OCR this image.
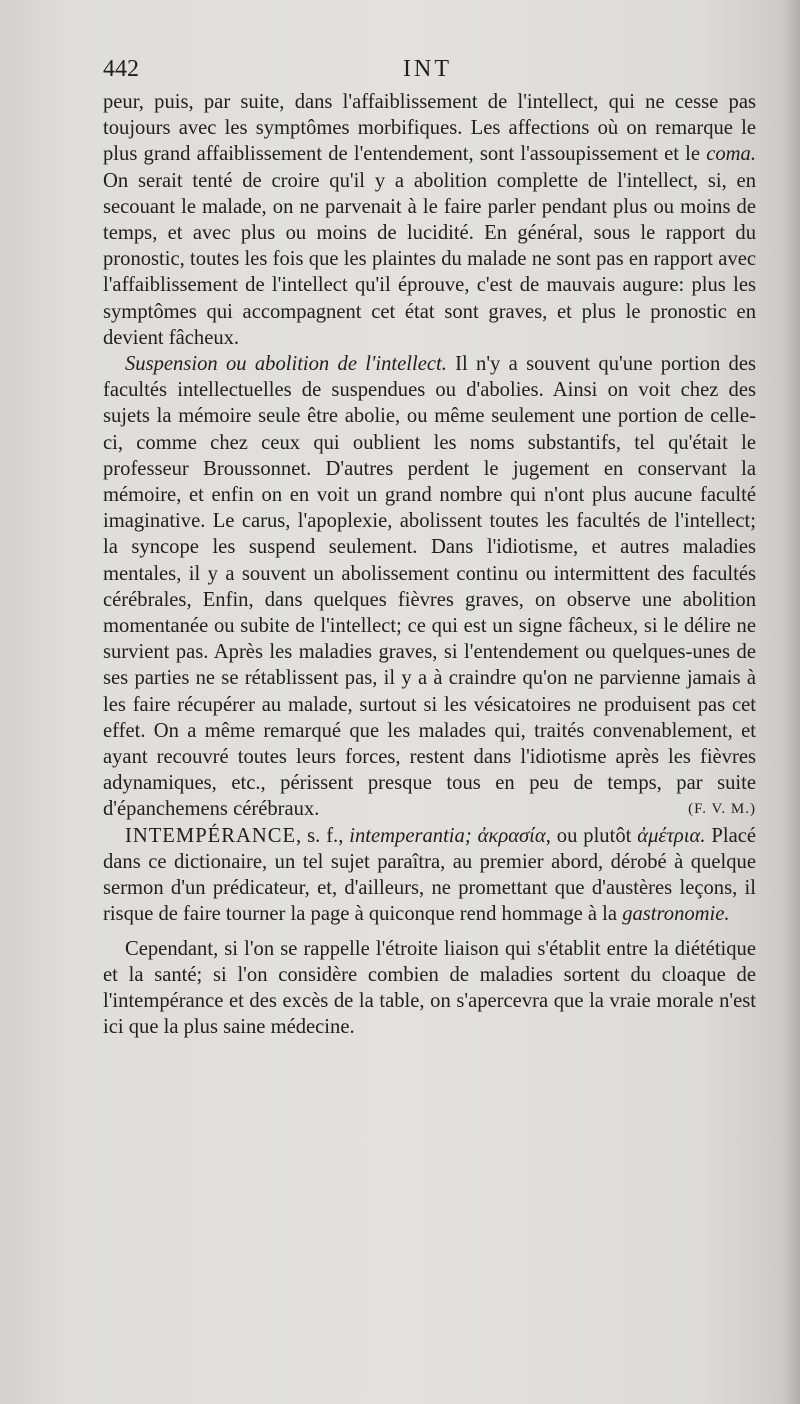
442	INT

peur, puis, par suite, dans l'affaiblissement de l'intellect, qui ne cesse pas toujours avec les symptômes morbifiques. Les affections où on remarque le plus grand affaiblissement de l'entendement, sont l'assoupissement et le coma. On serait tenté de croire qu'il y a abolition complette de l'intellect, si, en secouant le malade, on ne parvenait à le faire parler pendant plus ou moins de temps, et avec plus ou moins de lucidité. En général, sous le rapport du pronostic, toutes les fois que les plaintes du malade ne sont pas en rapport avec l'affaiblissement de l'intellect qu'il éprouve, c'est de mauvais augure: plus les symptômes qui accompagnent cet état sont graves, et plus le pronostic en devient fâcheux.

Suspension ou abolition de l'intellect. Il n'y a souvent qu'une portion des facultés intellectuelles de suspendues ou d'abolies. Ainsi on voit chez des sujets la mémoire seule être abolie, ou même seulement une portion de celle-ci, comme chez ceux qui oublient les noms substantifs, tel qu'était le professeur Broussonnet. D'autres perdent le jugement en conservant la mémoire, et enfin on en voit un grand nombre qui n'ont plus aucune faculté imaginative. Le carus, l'apoplexie, abolissent toutes les facultés de l'intellect; la syncope les suspend seulement. Dans l'idiotisme, et autres maladies mentales, il y a souvent un abolissement continu ou intermittent des facultés cérébrales, Enfin, dans quelques fièvres graves, on observe une abolition momentanée ou subite de l'intellect; ce qui est un signe fâcheux, si le délire ne survient pas. Après les maladies graves, si l'entendement ou quelques-unes de ses parties ne se rétablissent pas, il y a à craindre qu'on ne parvienne jamais à les faire récupérer au malade, surtout si les vésicatoires ne produisent pas cet effet. On a même remarqué que les malades qui, traités convenablement, et ayant recouvré toutes leurs forces, restent dans l'idiotisme après les fièvres adynamiques, etc., périssent presque tous en peu de temps, par suite d'épanchemens cérébraux.	(F. V. M.)

INTEMPÉRANCE, s. f., intemperantia; ἀκρασία, ou plutôt ἀμέτρια. Placé dans ce dictionaire, un tel sujet paraîtra, au premier abord, dérobé à quelque sermon d'un prédicateur, et, d'ailleurs, ne promettant que d'austères leçons, il risque de faire tourner la page à quiconque rend hommage à la gastronomie.

Cependant, si l'on se rappelle l'étroite liaison qui s'établit entre la diététique et la santé; si l'on considère combien de maladies sortent du cloaque de l'intempérance et des excès de la table, on s'apercevra que la vraie morale n'est ici que la plus saine médecine.
